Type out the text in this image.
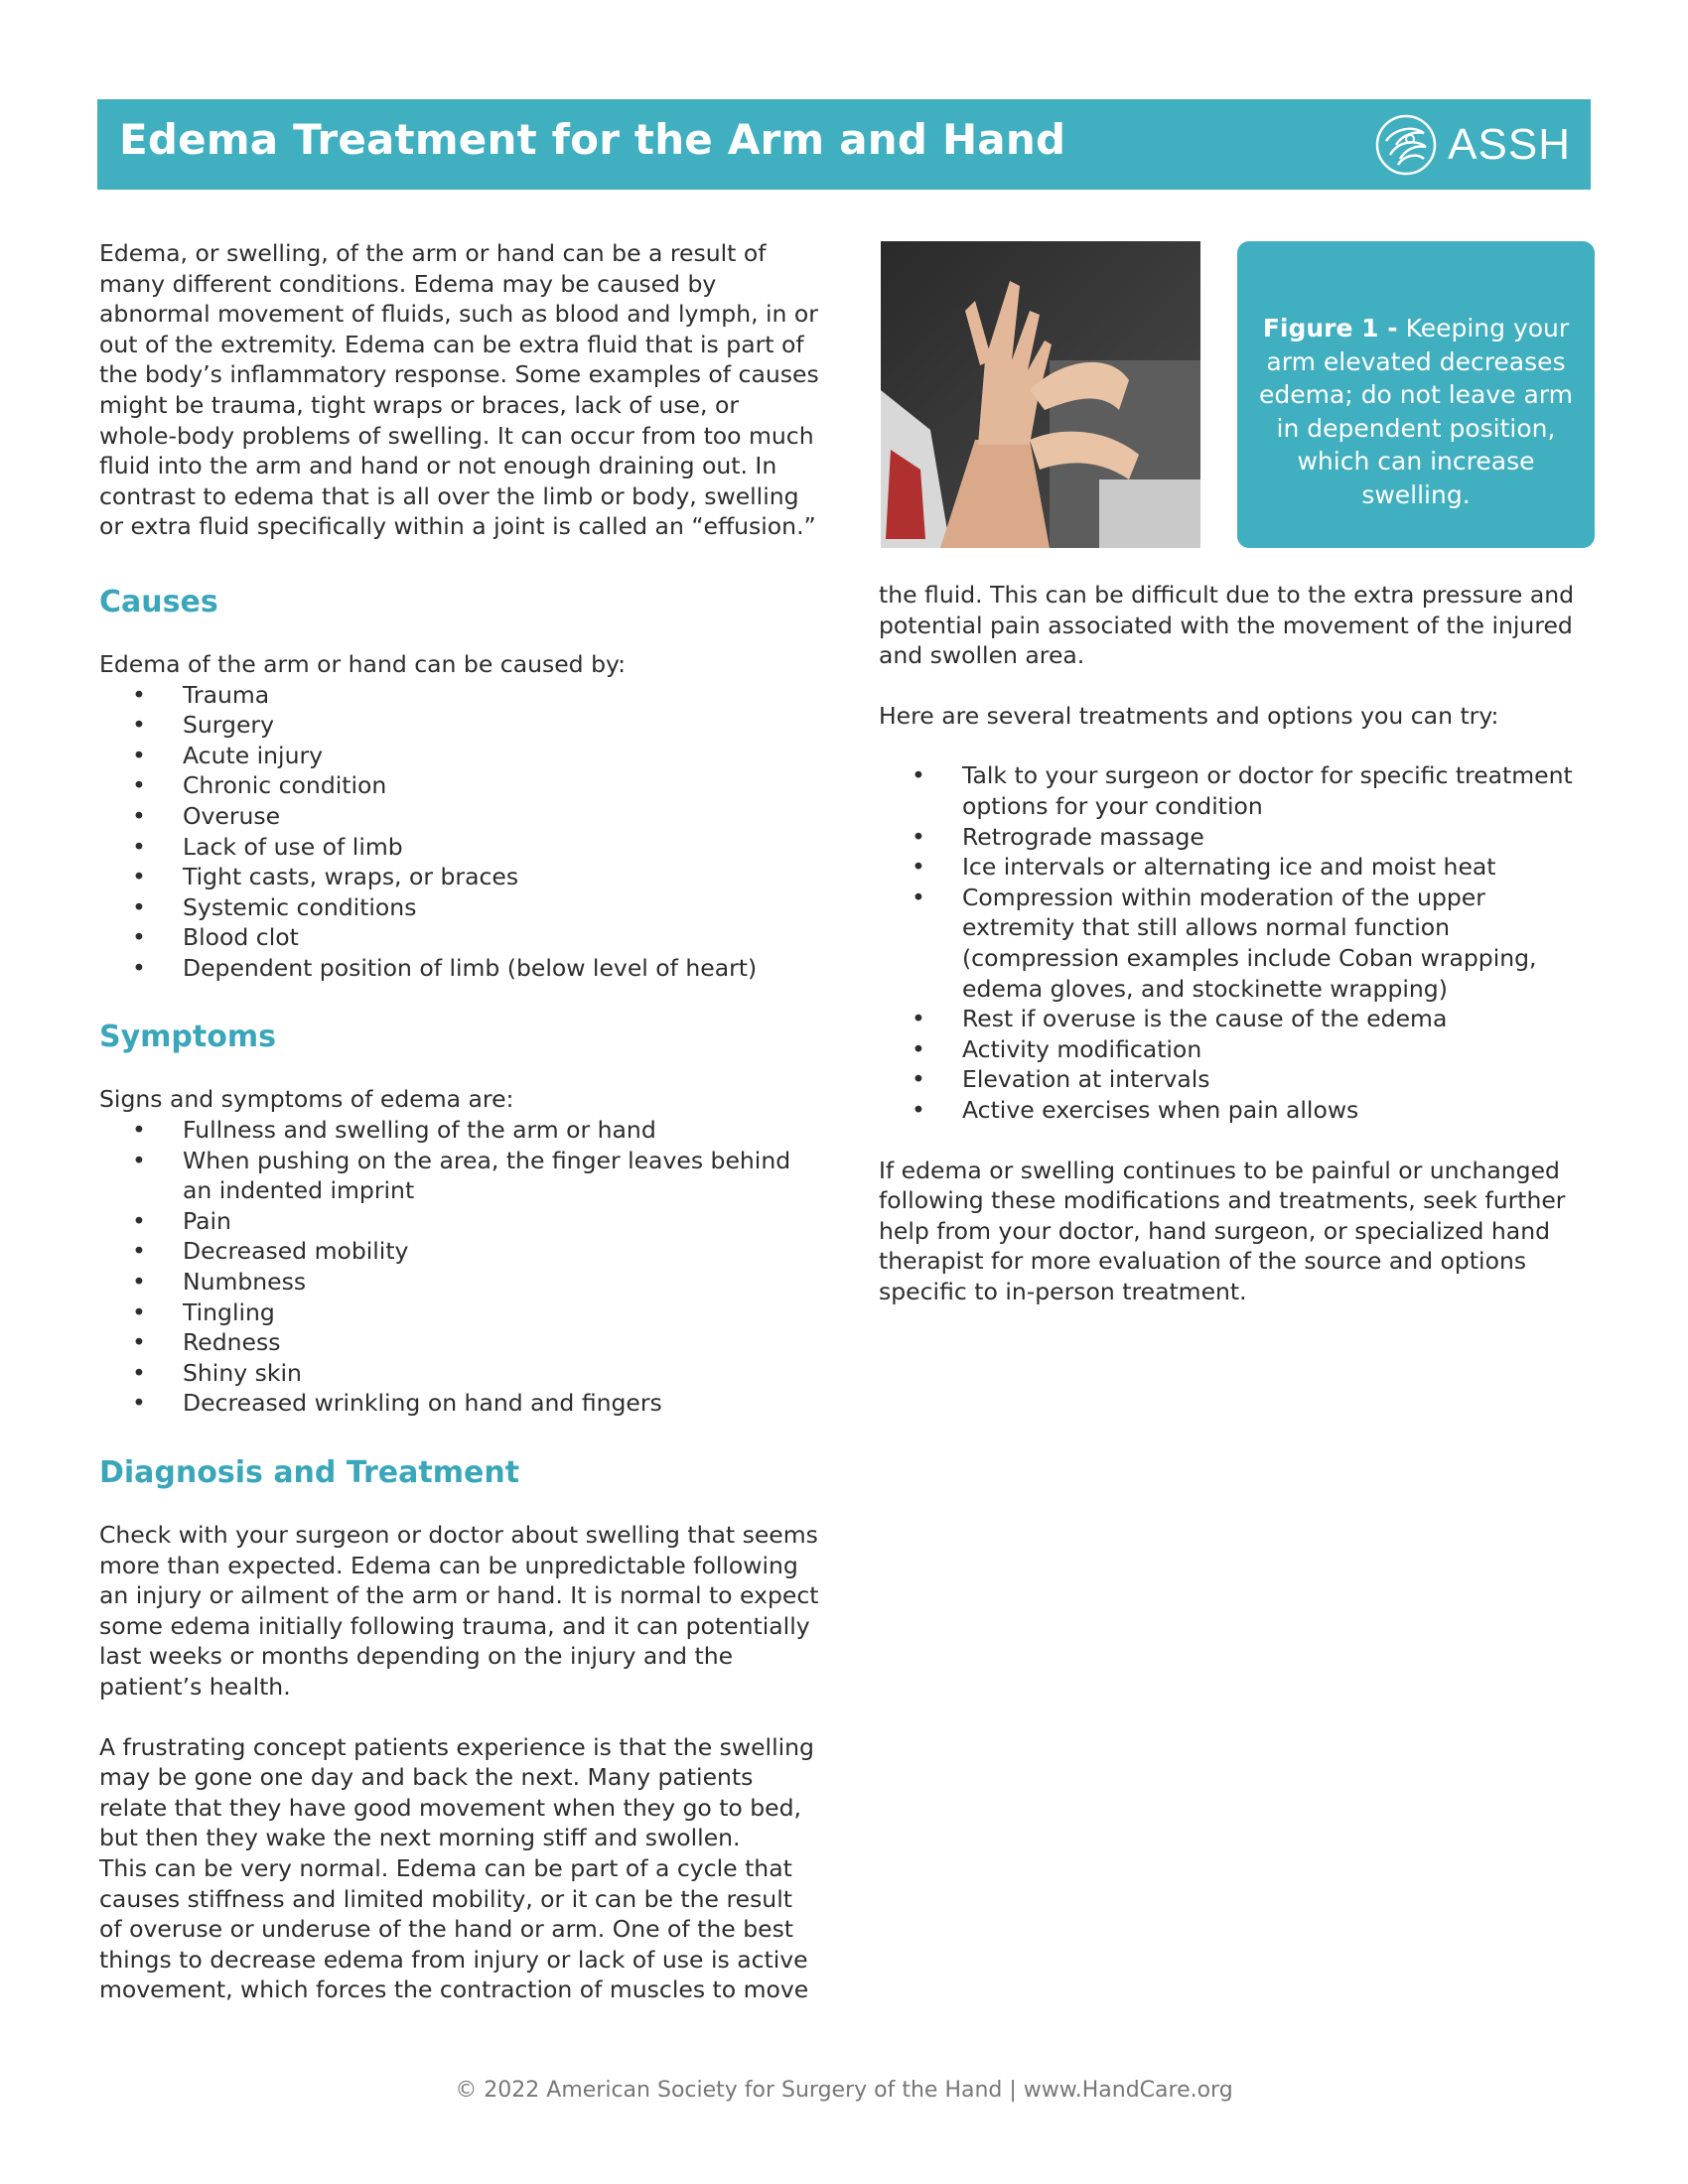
Edema Treatment for the Arm and Hand	ASSH

Edema, or swelling, of the arm or hand can be a result of many different conditions. Edema may be caused by abnormal movement of fluids, such as blood and lymph, in or out of the extremity. Edema can be extra fluid that is part of the body’s inflammatory response. Some examples of causes might be trauma, tight wraps or braces, lack of use, or whole-body problems of swelling. It can occur from too much fluid into the arm and hand or not enough draining out. In contrast to edema that is all over the limb or body, swelling or extra fluid specifically within a joint is called an “effusion.”

Causes

Edema of the arm or hand can be caused by:

• Trauma
• Surgery
• Acute injury
• Chronic condition
• Overuse
• Lack of use of limb
• Tight casts, wraps, or braces
• Systemic conditions
• Blood clot
• Dependent position of limb (below level of heart)
Symptoms

Signs and symptoms of edema are:

• Fullness and swelling of the arm or hand
• When pushing on the area, the finger leaves behind an indented imprint
• Pain
• Decreased mobility
• Numbness
• Tingling
• Redness
• Shiny skin
• Decreased wrinkling on hand and fingers
Diagnosis and Treatment

Check with your surgeon or doctor about swelling that seems more than expected. Edema can be unpredictable following an injury or ailment of the arm or hand. It is normal to expect some edema initially following trauma, and it can potentially last weeks or months depending on the injury and the patient’s health.

A frustrating concept patients experience is that the swelling may be gone one day and back the next. Many patients relate that they have good movement when they go to bed, but then they wake the next morning stiff and swollen.

This can be very normal. Edema can be part of a cycle that causes stiffness and limited mobility, or it can be the result of overuse or underuse of the hand or arm. One of the best things to decrease edema from injury or lack of use is active movement, which forces the contraction of muscles to move

Figure 1 - Keeping your arm elevated decreases edema; do not leave arm in dependent position, which can increase swelling.

the fluid. This can be difficult due to the extra pressure and potential pain associated with the movement of the injured and swollen area.

Here are several treatments and options you can try:

• Talk to your surgeon or doctor for specific treatment options for your condition
• Retrograde massage
• Ice intervals or alternating ice and moist heat
• Compression within moderation of the upper extremity that still allows normal function (compression examples include Coban wrapping, edema gloves, and stockinette wrapping)
• Rest if overuse is the cause of the edema
• Activity modification
• Elevation at intervals
• Active exercises when pain allows

If edema or swelling continues to be painful or unchanged following these modifications and treatments, seek further help from your doctor, hand surgeon, or specialized hand therapist for more evaluation of the source and options specific to in-person treatment.

© 2022 American Society for Surgery of the Hand | www.HandCare.org
